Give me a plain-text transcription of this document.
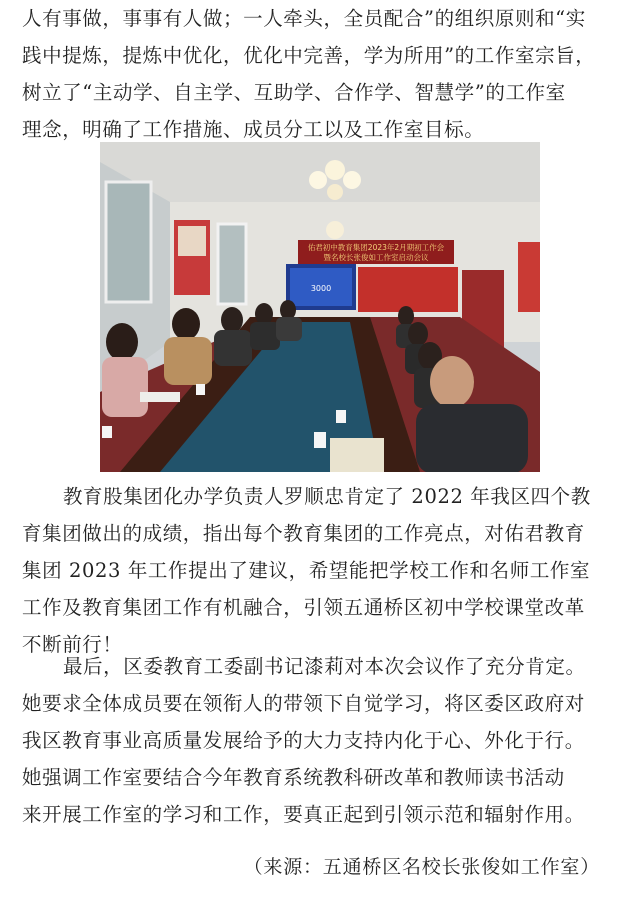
人有事做，事事有人做；一人牵头，全员配合”的组织原则和“实
践中提炼，提炼中优化，优化中完善，学为所用”的工作室宗旨，
树立了“主动学、自主学、互助学、合作学、智慧学”的工作室
理念，明确了工作措施、成员分工以及工作室目标。

佑君初中教育集团2023年2月期初工作会
暨名校长张俊如工作室启动会议
3000

教育股集团化办学负责人罗顺忠肯定了 2022 年我区四个教
育集团做出的成绩，指出每个教育集团的工作亮点，对佑君教育
集团 2023 年工作提出了建议，希望能把学校工作和名师工作室
工作及教育集团工作有机融合，引领五通桥区初中学校课堂改革
不断前行！

最后，区委教育工委副书记漆莉对本次会议作了充分肯定。
她要求全体成员要在领衔人的带领下自觉学习，将区委区政府对
我区教育事业高质量发展给予的大力支持内化于心、外化于行。
她强调工作室要结合今年教育系统教科研改革和教师读书活动
来开展工作室的学习和工作，要真正起到引领示范和辐射作用。

（来源：五通桥区名校长张俊如工作室）
